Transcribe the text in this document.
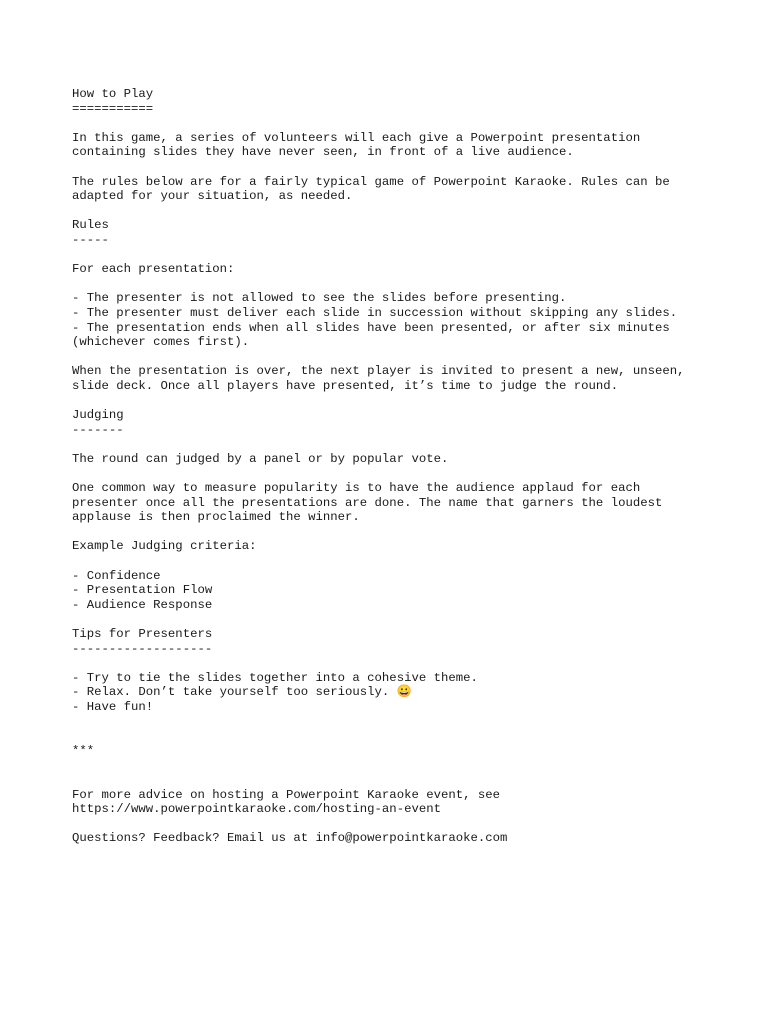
How to Play
===========
In this game, a series of volunteers will each give a Powerpoint presentation
containing slides they have never seen, in front of a live audience.
The rules below are for a fairly typical game of Powerpoint Karaoke. Rules can be
adapted for your situation, as needed.
Rules
-----
For each presentation:
- The presenter is not allowed to see the slides before presenting.
- The presenter must deliver each slide in succession without skipping any slides.
- The presentation ends when all slides have been presented, or after six minutes
(whichever comes first).
When the presentation is over, the next player is invited to present a new, unseen,
slide deck. Once all players have presented, it’s time to judge the round.
Judging
-------
The round can judged by a panel or by popular vote.
One common way to measure popularity is to have the audience applaud for each
presenter once all the presentations are done. The name that garners the loudest
applause is then proclaimed the winner.
Example Judging criteria:
- Confidence
- Presentation Flow
- Audience Response
Tips for Presenters
-------------------
- Try to tie the slides together into a cohesive theme.
- Relax. Don’t take yourself too seriously. 😀
- Have fun!
***
For more advice on hosting a Powerpoint Karaoke event, see
https://www.powerpointkaraoke.com/hosting-an-event
Questions? Feedback? Email us at info@powerpointkaraoke.com
